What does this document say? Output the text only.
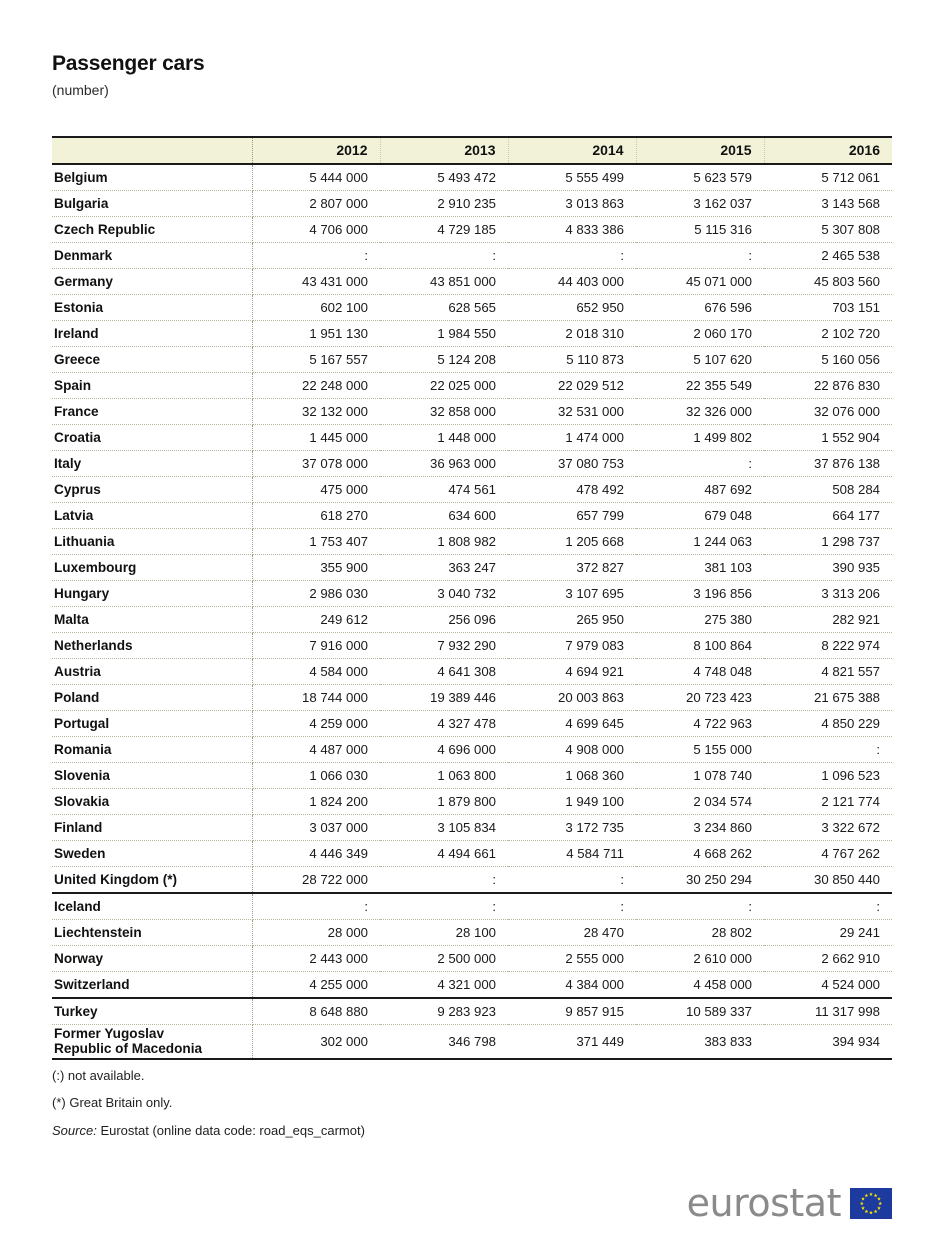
Passenger cars

(number)

	2012	2013	2014	2015	2016
Belgium	5 444 000	5 493 472	5 555 499	5 623 579	5 712 061
Bulgaria	2 807 000	2 910 235	3 013 863	3 162 037	3 143 568
Czech Republic	4 706 000	4 729 185	4 833 386	5 115 316	5 307 808
Denmark	:	:	:	:	2 465 538
Germany	43 431 000	43 851 000	44 403 000	45 071 000	45 803 560
Estonia	602 100	628 565	652 950	676 596	703 151
Ireland	1 951 130	1 984 550	2 018 310	2 060 170	2 102 720
Greece	5 167 557	5 124 208	5 110 873	5 107 620	5 160 056
Spain	22 248 000	22 025 000	22 029 512	22 355 549	22 876 830
France	32 132 000	32 858 000	32 531 000	32 326 000	32 076 000
Croatia	1 445 000	1 448 000	1 474 000	1 499 802	1 552 904
Italy	37 078 000	36 963 000	37 080 753	:	37 876 138
Cyprus	475 000	474 561	478 492	487 692	508 284
Latvia	618 270	634 600	657 799	679 048	664 177
Lithuania	1 753 407	1 808 982	1 205 668	1 244 063	1 298 737
Luxembourg	355 900	363 247	372 827	381 103	390 935
Hungary	2 986 030	3 040 732	3 107 695	3 196 856	3 313 206
Malta	249 612	256 096	265 950	275 380	282 921
Netherlands	7 916 000	7 932 290	7 979 083	8 100 864	8 222 974
Austria	4 584 000	4 641 308	4 694 921	4 748 048	4 821 557
Poland	18 744 000	19 389 446	20 003 863	20 723 423	21 675 388
Portugal	4 259 000	4 327 478	4 699 645	4 722 963	4 850 229
Romania	4 487 000	4 696 000	4 908 000	5 155 000	:
Slovenia	1 066 030	1 063 800	1 068 360	1 078 740	1 096 523
Slovakia	1 824 200	1 879 800	1 949 100	2 034 574	2 121 774
Finland	3 037 000	3 105 834	3 172 735	3 234 860	3 322 672
Sweden	4 446 349	4 494 661	4 584 711	4 668 262	4 767 262
United Kingdom (*)	28 722 000	:	:	30 250 294	30 850 440
Iceland	:	:	:	:	:
Liechtenstein	28 000	28 100	28 470	28 802	29 241
Norway	2 443 000	2 500 000	2 555 000	2 610 000	2 662 910
Switzerland	4 255 000	4 321 000	4 384 000	4 458 000	4 524 000
Turkey	8 648 880	9 283 923	9 857 915	10 589 337	11 317 998
Former Yugoslav
Republic of Macedonia	302 000	346 798	371 449	383 833	394 934
(:) not available.
(*) Great Britain only.
Source: Eurostat (online data code: road_eqs_carmot)
eurostat
